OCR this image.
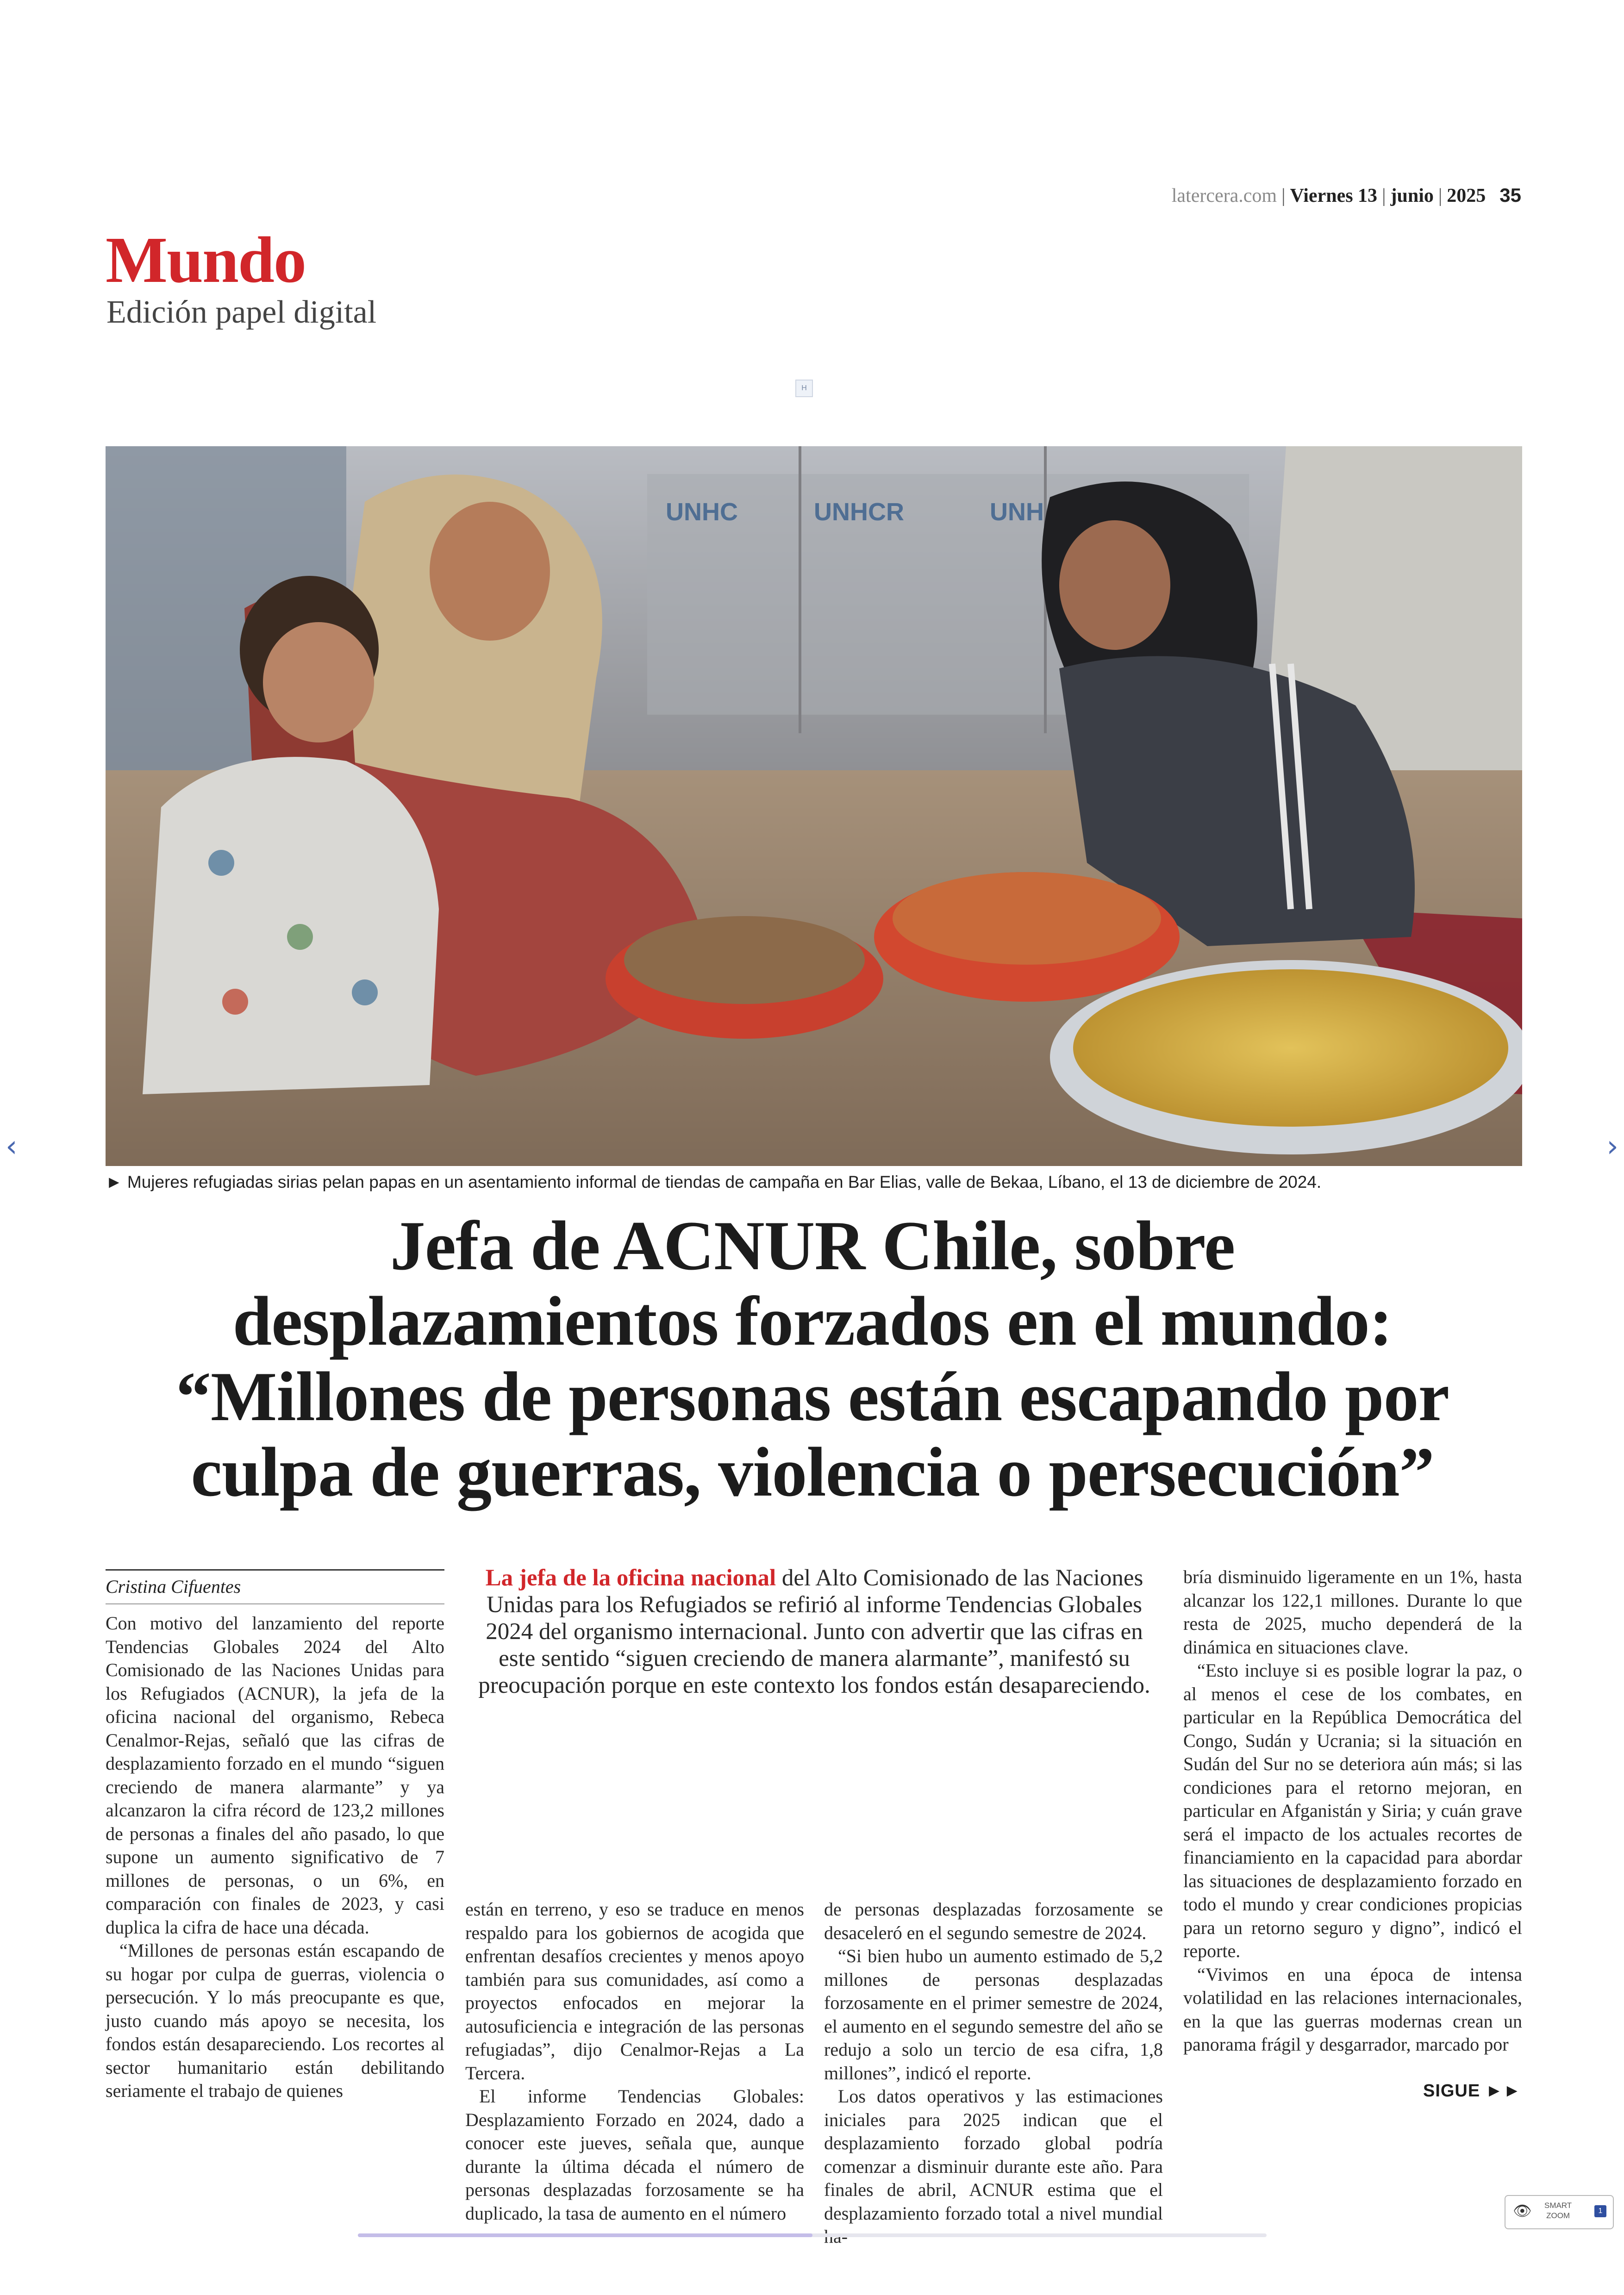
latercera.com | Viernes 13 | junio | 2025 35
Mundo
Edición papel digital
H
UNHC	UNHCR	UNH
► Mujeres refugiadas sirias pelan papas en un asentamiento informal de tiendas de campaña en Bar Elias, valle de Bekaa, Líbano, el 13 de diciembre de 2024.
Jefa de ACNUR Chile, sobre
desplazamientos forzados en el mundo:
“Millones de personas están escapando por
culpa de guerras, violencia o persecución”
Cristina Cifuentes	La jefa de la oficina nacional del Alto Comisionado de las Naciones Unidas para los Refugiados se refirió al informe Tendencias Globales 2024 del organismo internacional. Junto con advertir que las cifras en este sentido “siguen creciendo de manera alarmante”, manifestó su preocupación porque en este contexto los fondos están desapareciendo.

Con motivo del lanzamiento del reporte Tendencias Globales 2024 del Alto Comisionado de las Naciones Unidas para los Refugiados (ACNUR), la jefa de la oficina nacional del organismo, Rebeca Cenalmor-Rejas, señaló que las cifras de desplazamiento forzado en el mundo “siguen creciendo de manera alarmante” y ya alcanzaron la cifra récord de 123,2 millones de personas a finales del año pasado, lo que supone un aumento significativo de 7 millones de personas, o un 6%, en comparación con finales de 2023, y casi duplica la cifra de hace una década.

“Millones de personas están escapando de su hogar por culpa de guerras, violencia o persecución. Y lo más preocupante es que, justo cuando más apoyo se necesita, los fondos están desapareciendo. Los recortes al sector humanitario están debilitando seriamente el trabajo de quienes

están en terreno, y eso se traduce en menos respaldo para los gobiernos de acogida que enfrentan desafíos crecientes y menos apoyo también para sus comunidades, así como a proyectos enfocados en mejorar la autosuficiencia e integración de las personas refugiadas”, dijo Cenalmor-Rejas a La Tercera.

El informe Tendencias Globales: Desplazamiento Forzado en 2024, dado a conocer este jueves, señala que, aunque durante la última década el número de personas desplazadas forzosamente se ha duplicado, la tasa de aumento en el número

de personas desplazadas forzosamente se desaceleró en el segundo semestre de 2024.

“Si bien hubo un aumento estimado de 5,2 millones de personas desplazadas forzosamente en el primer semestre de 2024, el aumento en el segundo semestre del año se redujo a solo un tercio de esa cifra, 1,8 millones”, indicó el reporte.

Los datos operativos y las estimaciones iniciales para 2025 indican que el desplazamiento forzado global podría comenzar a disminuir durante este año. Para finales de abril, ACNUR estima que el desplazamiento forzado total a nivel mundial

bría disminuido ligeramente en un 1%, hasta alcanzar los 122,1 millones. Durante lo que resta de 2025, mucho dependerá de la dinámica en situaciones clave.

“Esto incluye si es posible lograr la paz, o al menos el cese de los combates, en particular en la República Democrática del Congo, Sudán y Ucrania; si la situación en Sudán del Sur no se deteriora aún más; si las condiciones para el retorno mejoran, en particular en Afganistán y Siria; y cuán grave será el impacto de los actuales recortes de financiamiento en la capacidad para abordar las situaciones de desplazamiento forzado en todo el mundo y crear condiciones propicias para un retorno seguro y digno”, indicó el reporte.

“Vivimos en una época de intensa volatilidad en las relaciones internacionales, en la que las guerras modernas crean un panorama frágil y desgarrador, marcado por

SIGUE ►►
‹	›
👁 SMART
ZOOM
1
